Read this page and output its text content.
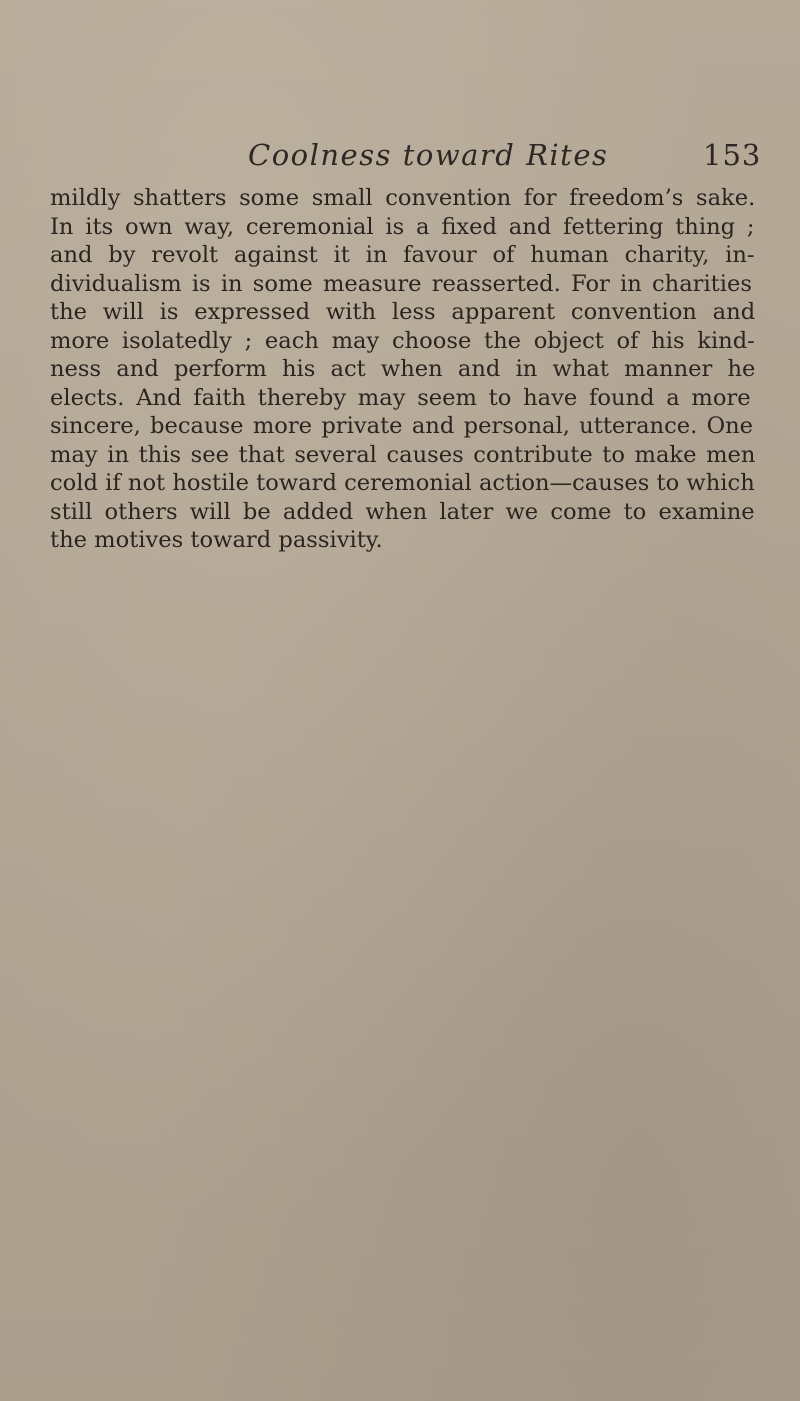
Coolness toward Rites	153
mildly shatters some small convention for freedom’s sake.
In its own way, ceremonial is a fixed and fettering thing ;
and by revolt against it in favour of human charity, in-
dividualism is in some measure reasserted. For in charities
the will is expressed with less apparent convention and
more isolatedly ; each may choose the object of his kind-
ness and perform his act when and in what manner he
elects. And faith thereby may seem to have found a more
sincere, because more private and personal, utterance. One
may in this see that several causes contribute to make men
cold if not hostile toward ceremonial action—causes to which
still others will be added when later we come to examine
the motives toward passivity.
